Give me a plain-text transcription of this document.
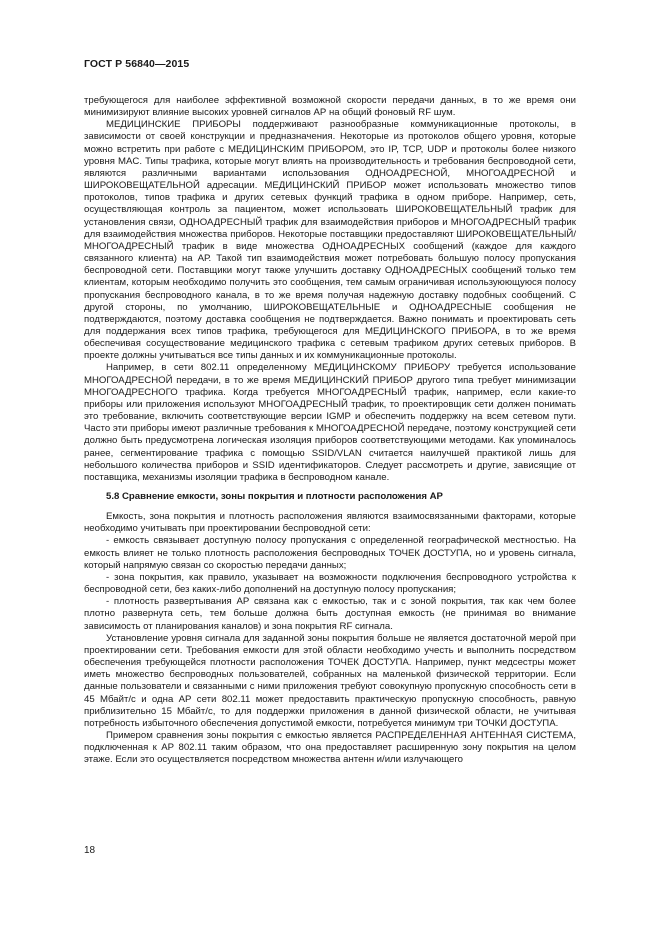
ГОСТ Р 56840—2015

требующегося для наиболее эффективной возможной скорости передачи данных, в то же время они минимизируют влияние высоких уровней сигналов АР на общий фоновый RF шум.

МЕДИЦИНСКИЕ ПРИБОРЫ поддерживают разнообразные коммуникационные протоколы, в зависимости от своей конструкции и предназначения. Некоторые из протоколов общего уровня, которые можно встретить при работе с МЕДИЦИНСКИМ ПРИБОРОМ, это IP, TCP, UDP и протоколы более низкого уровня MAC. Типы трафика, которые могут влиять на производительность и требования беспроводной сети, являются различными вариантами использования ОДНОАДРЕСНОЙ, МНОГОАДРЕСНОЙ и ШИРОКОВЕЩАТЕЛЬНОЙ адресации. МЕДИЦИНСКИЙ ПРИБОР может использовать множество типов протоколов, типов трафика и других сетевых функций трафика в одном приборе. Например, сеть, осуществляющая контроль за пациентом, может использовать ШИРОКОВЕЩАТЕЛЬНЫЙ трафик для установления связи, ОДНОАДРЕСНЫЙ трафик для взаимодействия приборов и МНОГОАДРЕСНЫЙ трафик для взаимодействия множества приборов. Некоторые поставщики предоставляют ШИРОКОВЕЩАТЕЛЬНЫЙ/МНОГОАДРЕСНЫЙ трафик в виде множества ОДНОАДРЕСНЫХ сообщений (каждое для каждого связанного клиента) на АР. Такой тип взаимодействия может потребовать большую полосу пропускания беспроводной сети. Поставщики могут также улучшить доставку ОДНОАДРЕСНЫХ сообщений только тем клиентам, которым необходимо получить это сообщения, тем самым ограничивая используюющуюся полосу пропускания беспроводного канала, в то же время получая надежную доставку подобных сообщений. С другой стороны, по умолчанию, ШИРОКОВЕЩАТЕЛЬНЫЕ и ОДНОАДРЕСНЫЕ сообщения не подтверждаются, поэтому доставка сообщения не подтверждается. Важно понимать и проектировать сеть для поддержания всех типов трафика, требующегося для МЕДИЦИНСКОГО ПРИБОРА, в то же время обеспечивая сосуществование медицинского трафика с сетевым трафиком других сетевых приборов. В проекте должны учитываться все типы данных и их коммуникационные протоколы.

Например, в сети 802.11 определенному МЕДИЦИНСКОМУ ПРИБОРУ требуется использование МНОГОАДРЕСНОЙ передачи, в то же время МЕДИЦИНСКИЙ ПРИБОР другого типа требует минимизации МНОГОАДРЕСНОГО трафика. Когда требуется МНОГОАДРЕСНЫЙ трафик, например, если какие-то приборы или приложения используют МНОГОАДРЕСНЫЙ трафик, то проектировщик сети должен понимать это требование, включить соответствующие версии IGMP и обеспечить поддержку на всем сетевом пути. Часто эти приборы имеют различные требования к МНОГОАДРЕСНОЙ передаче, поэтому конструкцией сети должно быть предусмотрена логическая изоляция приборов соответствующими методами. Как упоминалось ранее, сегментирование трафика с помощью SSID/VLAN считается наилучшей практикой лишь для небольшого количества приборов и SSID идентификаторов. Следует рассмотреть и другие, зависящие от поставщика, механизмы изоляции трафика в беспроводном канале.

5.8 Сравнение емкости, зоны покрытия и плотности расположения АР

Емкость, зона покрытия и плотность расположения являются взаимосвязанными факторами, которые необходимо учитывать при проектировании беспроводной сети:

- емкость связывает доступную полосу пропускания с определенной географической местностью. На емкость влияет не только плотность расположения беспроводных ТОЧЕК ДОСТУПА, но и уровень сигнала, который напрямую связан со скоростью передачи данных;

- зона покрытия, как правило, указывает на возможности подключения беспроводного устройства к беспроводной сети, без каких-либо дополнений на доступную полосу пропускания;

- плотность развертывания АР связана как с емкостью, так и с зоной покрытия, так как чем более плотно развернута сеть, тем больше должна быть доступная емкость (не принимая во внимание зависимость от планирования каналов) и зона покрытия RF сигнала.

Установление уровня сигнала для заданной зоны покрытия больше не является достаточной мерой при проектировании сети. Требования емкости для этой области необходимо учесть и выполнить посредством обеспечения требующейся плотности расположения ТОЧЕК ДОСТУПА. Например, пункт медсестры может иметь множество беспроводных пользователей, собранных на маленькой физической территории. Если данные пользователи и связанными с ними приложения требуют совокупную пропускную способность сети в 45 Мбайт/с и одна АР сети 802.11 может предоставить практическую пропускную способность, равную приблизительно 15 Мбайт/с, то для поддержки приложения в данной физической области, не учитывая потребность избыточного обеспечения допустимой емкости, потребуется минимум три ТОЧКИ ДОСТУПА.

Примером сравнения зоны покрытия с емкостью является РАСПРЕДЕЛЕННАЯ АНТЕННАЯ СИСТЕМА, подключенная к АР 802.11 таким образом, что она предоставляет расширенную зону покрытия на целом этаже. Если это осуществляется посредством множества антенн и/или излучающего

18
